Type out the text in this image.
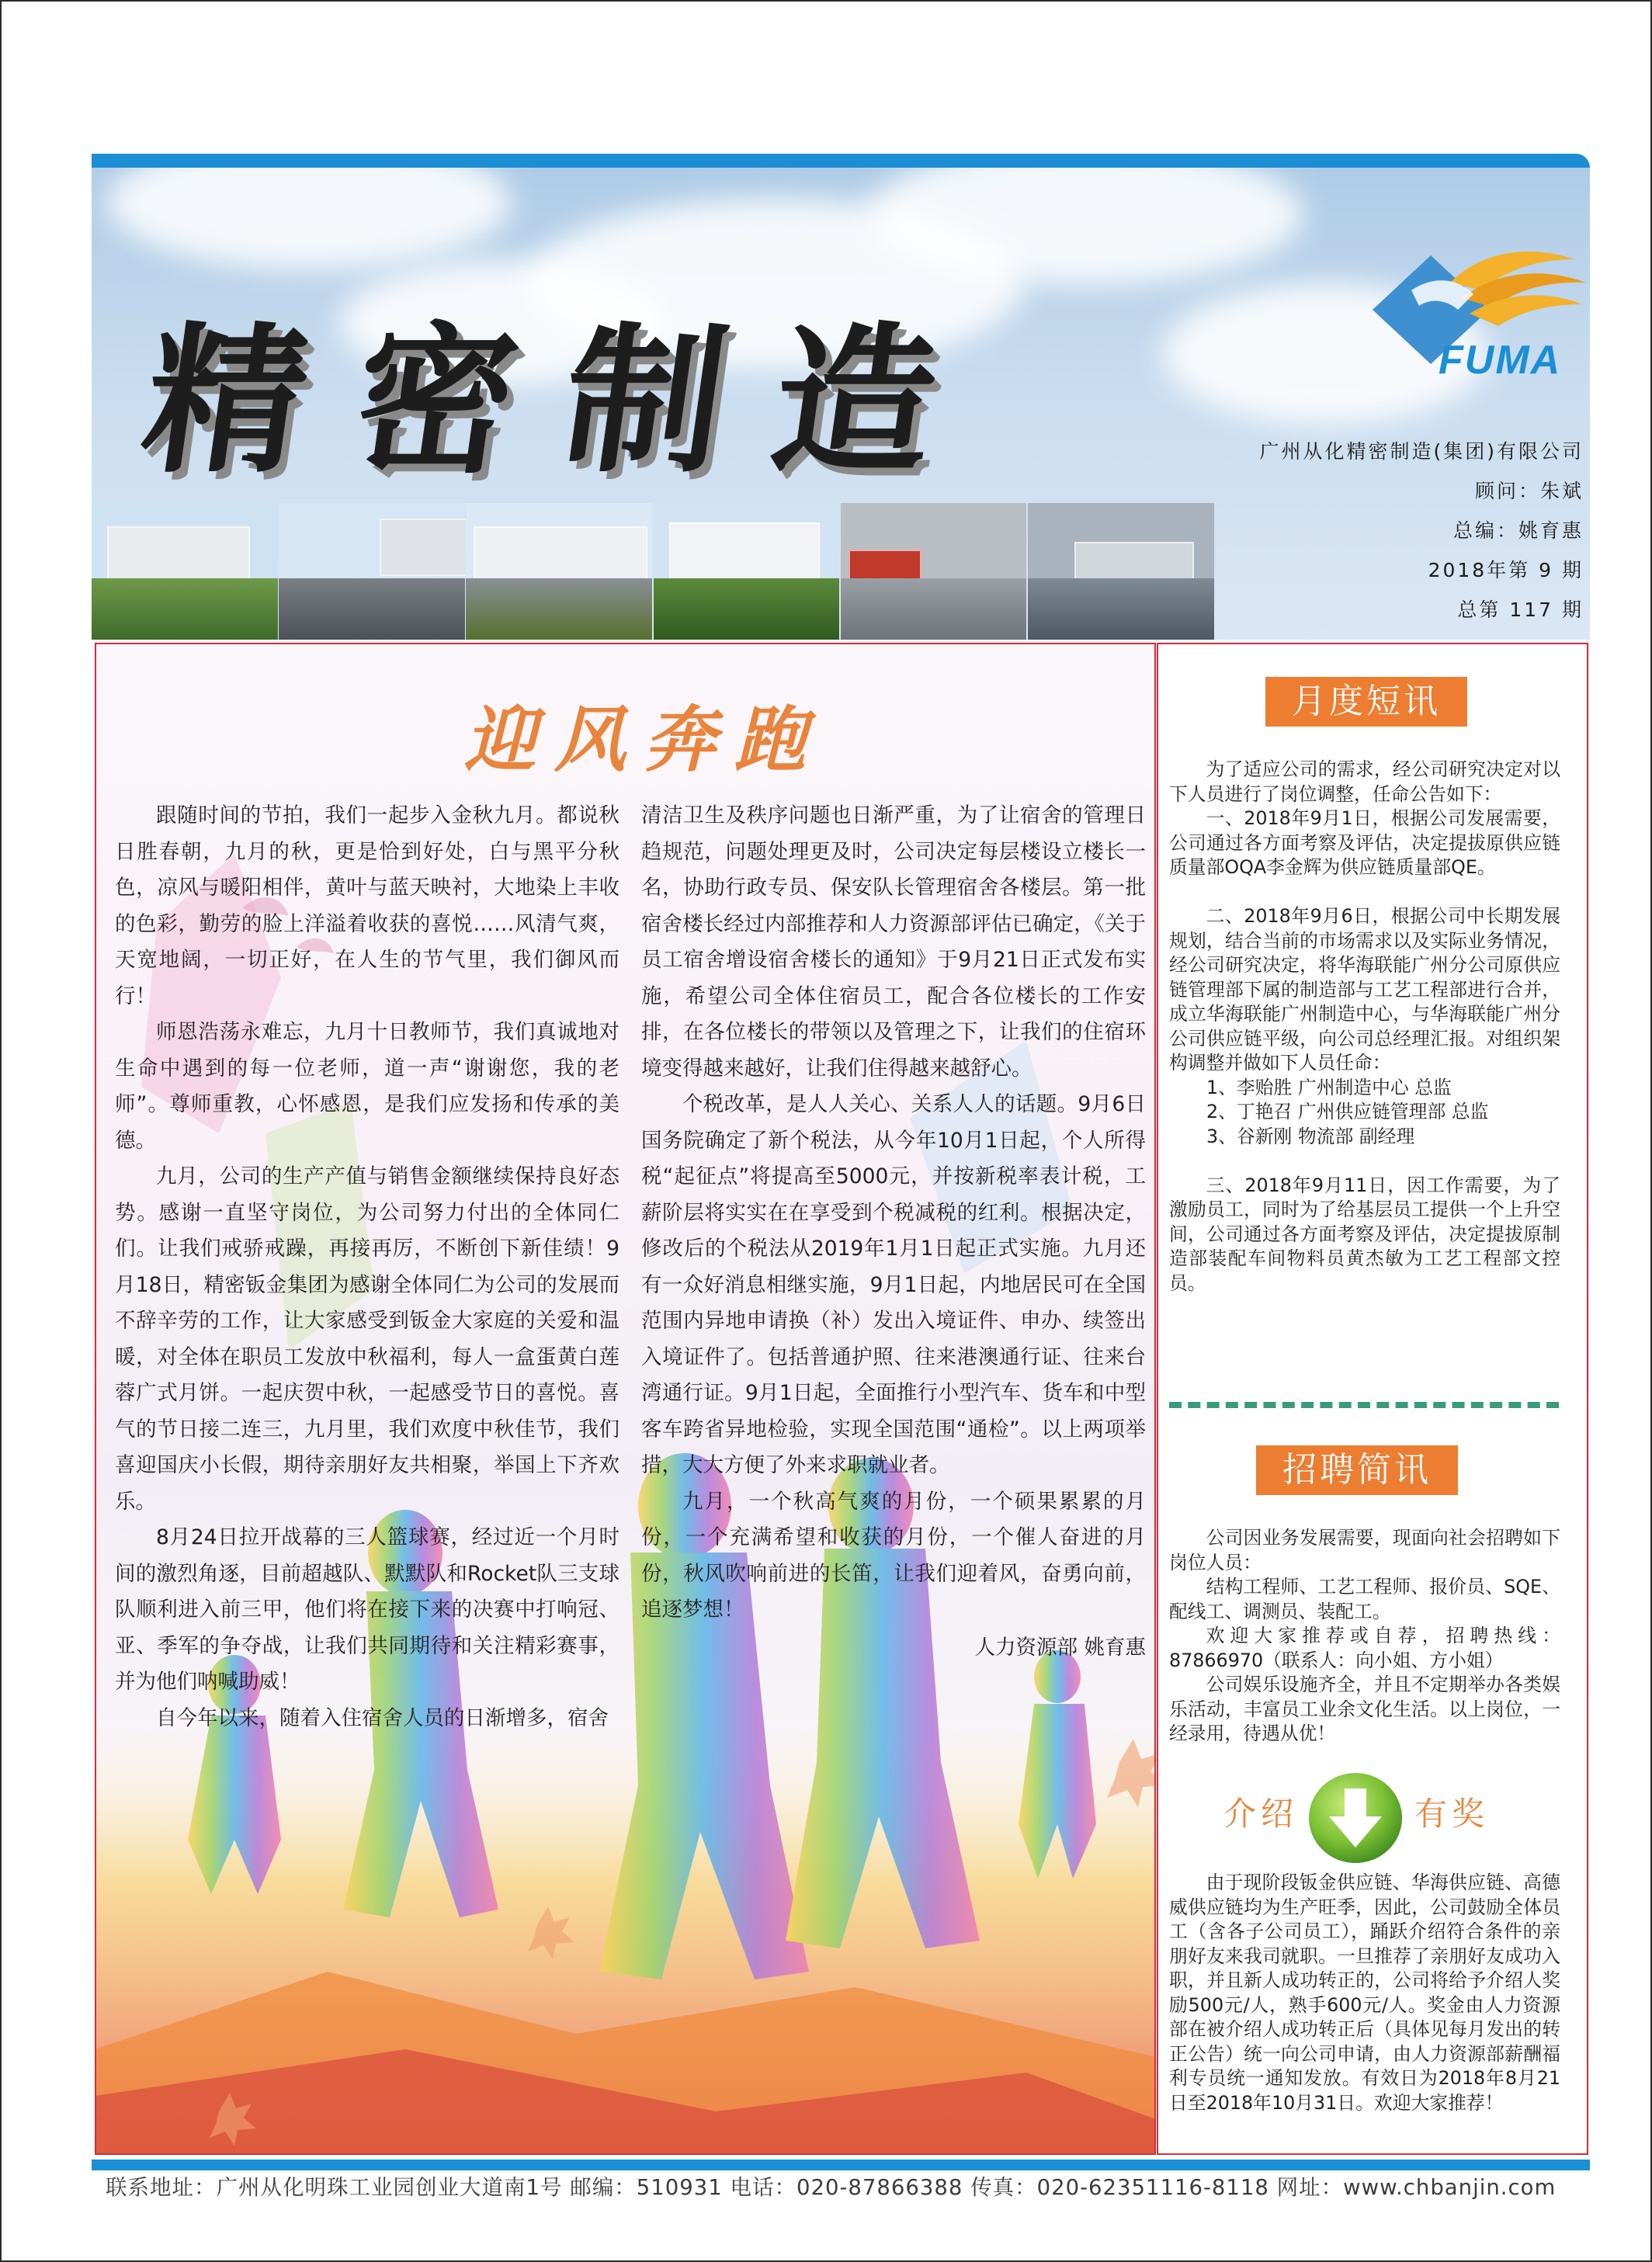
精密制造	FUMA
广州从化精密制造(集团)有限公司
顾问：朱斌
总编：姚育惠
2018年第 9 期
总第 117 期
迎风奔跑

跟随时间的节拍，我们一起步入金秋九月。都说秋日胜春朝，九月的秋，更是恰到好处，白与黑平分秋色，凉风与暖阳相伴，黄叶与蓝天映衬，大地染上丰收的色彩，勤劳的脸上洋溢着收获的喜悦……风清气爽，天宽地阔，一切正好，在人生的节气里，我们御风而行！

师恩浩荡永难忘，九月十日教师节，我们真诚地对生命中遇到的每一位老师，道一声“谢谢您，我的老师”。尊师重教，心怀感恩，是我们应发扬和传承的美德。

九月，公司的生产产值与销售金额继续保持良好态势。感谢一直坚守岗位，为公司努力付出的全体同仁们。让我们戒骄戒躁，再接再厉，不断创下新佳绩！9月18日，精密钣金集团为感谢全体同仁为公司的发展而不辞辛劳的工作，让大家感受到钣金大家庭的关爱和温暖，对全体在职员工发放中秋福利，每人一盒蛋黄白莲蓉广式月饼。一起庆贺中秋，一起感受节日的喜悦。喜气的节日接二连三，九月里，我们欢度中秋佳节，我们喜迎国庆小长假，期待亲朋好友共相聚，举国上下齐欢乐。

8月24日拉开战幕的三人篮球赛，经过近一个月时间的激烈角逐，目前超越队、默默队和Rocket队三支球队顺利进入前三甲，他们将在接下来的决赛中打响冠、亚、季军的争夺战，让我们共同期待和关注精彩赛事，并为他们呐喊助威！

自今年以来，随着入住宿舍人员的日渐增多，宿舍

清洁卫生及秩序问题也日渐严重，为了让宿舍的管理日趋规范，问题处理更及时，公司决定每层楼设立楼长一名，协助行政专员、保安队长管理宿舍各楼层。第一批宿舍楼长经过内部推荐和人力资源部评估已确定，《关于员工宿舍增设宿舍楼长的通知》于9月21日正式发布实施，希望公司全体住宿员工，配合各位楼长的工作安排，在各位楼长的带领以及管理之下，让我们的住宿环境变得越来越好，让我们住得越来越舒心。

个税改革，是人人关心、关系人人的话题。9月6日国务院确定了新个税法，从今年10月1日起，个人所得税“起征点”将提高至5000元，并按新税率表计税，工薪阶层将实实在在享受到个税减税的红利。根据决定，修改后的个税法从2019年1月1日起正式实施。九月还有一众好消息相继实施，9月1日起，内地居民可在全国范围内异地申请换（补）发出入境证件、申办、续签出入境证件了。包括普通护照、往来港澳通行证、往来台湾通行证。9月1日起，全面推行小型汽车、货车和中型客车跨省异地检验，实现全国范围“通检”。以上两项举措，大大方便了外来求职就业者。

九月，一个秋高气爽的月份，一个硕果累累的月份，一个充满希望和收获的月份，一个催人奋进的月份，秋风吹响前进的长笛，让我们迎着风，奋勇向前，追逐梦想！

人力资源部 姚育惠

月度短讯

为了适应公司的需求，经公司研究决定对以下人员进行了岗位调整，任命公告如下：

一、2018年9月1日，根据公司发展需要，公司通过各方面考察及评估，决定提拔原供应链质量部OQA李金辉为供应链质量部QE。

二、2018年9月6日，根据公司中长期发展规划，结合当前的市场需求以及实际业务情况，经公司研究决定，将华海联能广州分公司原供应链管理部下属的制造部与工艺工程部进行合并，成立华海联能广州制造中心，与华海联能广州分公司供应链平级，向公司总经理汇报。对组织架构调整并做如下人员任命：

1、李贻胜 广州制造中心 总监

2、丁艳召 广州供应链管理部 总监

3、谷新刚 物流部 副经理

三、2018年9月11日，因工作需要，为了激励员工，同时为了给基层员工提供一个上升空间，公司通过各方面考察及评估，决定提拔原制造部装配车间物料员黄杰敏为工艺工程部文控员。

招聘简讯

公司因业务发展需要，现面向社会招聘如下岗位人员：

结构工程师、工艺工程师、报价员、SQE、配线工、调测员、装配工。

欢迎大家推荐或自荐，招聘热线：87866970（联系人：向小姐、方小姐）

公司娱乐设施齐全，并且不定期举办各类娱乐活动，丰富员工业余文化生活。以上岗位，一经录用，待遇从优！

介绍	有奖

由于现阶段钣金供应链、华海供应链、高德威供应链均为生产旺季，因此，公司鼓励全体员工（含各子公司员工），踊跃介绍符合条件的亲朋好友来我司就职。一旦推荐了亲朋好友成功入职，并且新人成功转正的，公司将给予介绍人奖励500元/人，熟手600元/人。奖金由人力资源部在被介绍人成功转正后（具体见每月发出的转正公告）统一向公司申请，由人力资源部薪酬福利专员统一通知发放。有效日为2018年8月21日至2018年10月31日。欢迎大家推荐！

联系地址：广州从化明珠工业园创业大道南1号 邮编：510931 电话：020-87866388 传真：020-62351116-8118 网址：www.chbanjin.com
